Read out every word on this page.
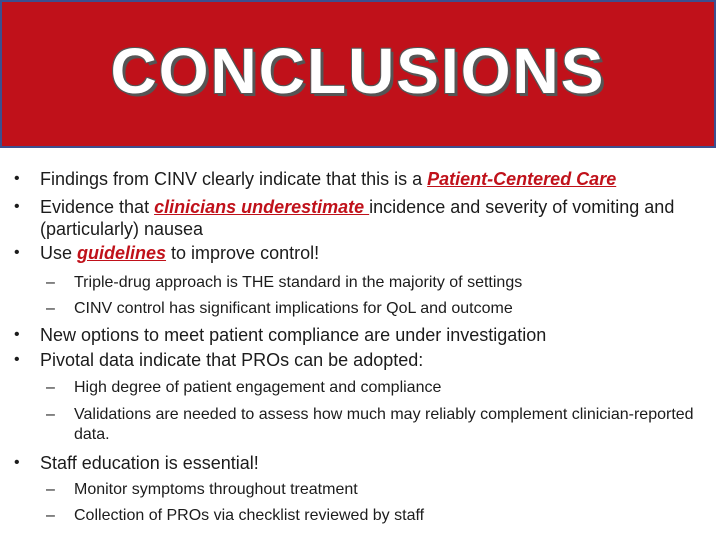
CONCLUSIONS
• Findings from CINV clearly indicate that this is a Patient-Centered Care
• Evidence that clinicians underestimate incidence and severity of vomiting and (particularly) nausea
• Use guidelines to improve control!
– Triple-drug approach is THE standard in the majority of settings
– CINV control has significant implications for QoL and outcome
• New options to meet patient compliance are under investigation
• Pivotal data indicate that PROs can be adopted:
– High degree of patient engagement and compliance
– Validations are needed to assess how much may reliably complement clinician-reported data.
• Staff education is essential!
– Monitor symptoms throughout treatment
– Collection of PROs via checklist reviewed by staff
